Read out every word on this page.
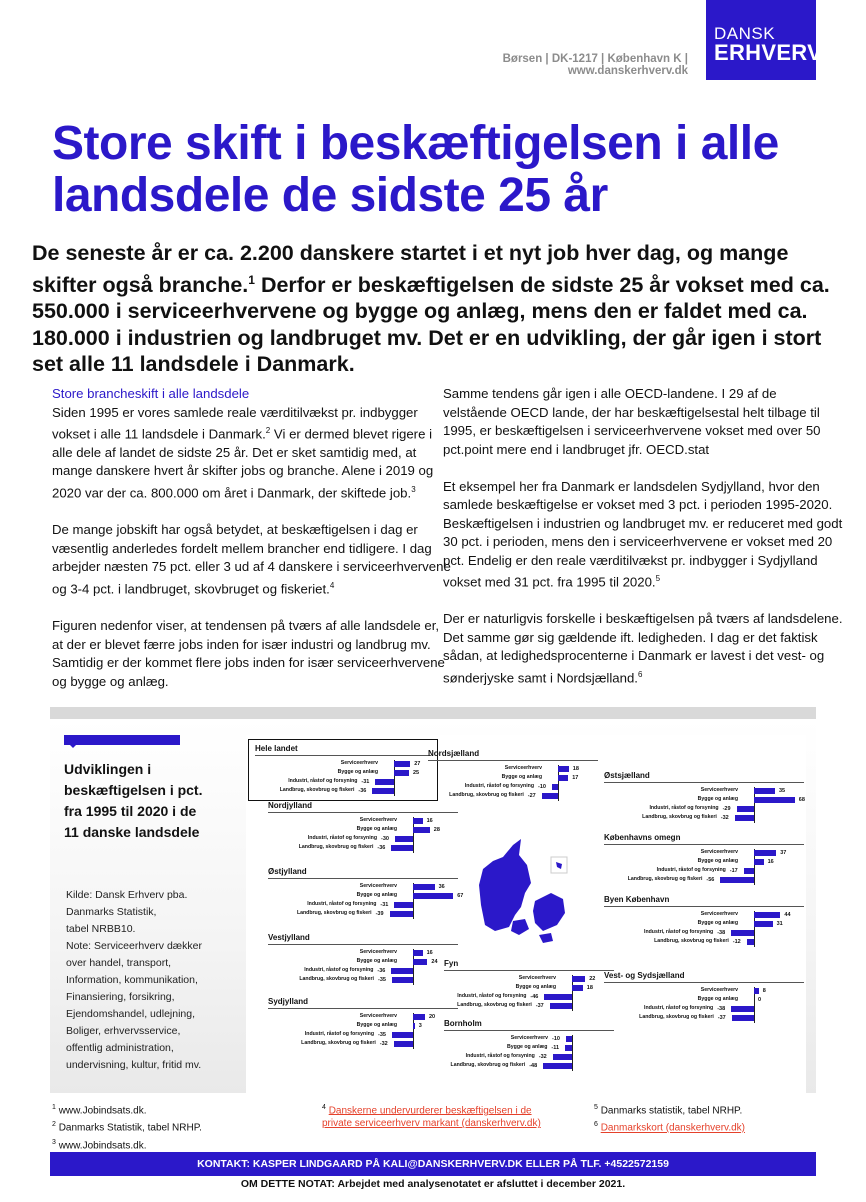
Børsen | DK-1217 | København K | www.danskerhverv.dk
DANSK
ERHVERV
Store skift i beskæftigelsen i alle landsdele de sidste 25 år
De seneste år er ca. 2.200 danskere startet i et nyt job hver dag, og mange skifter også branche.$^1$ Derfor er beskæftigelsen de sidste 25 år vokset med ca. 550.000 i serviceerhvervene og bygge og anlæg, mens den er faldet med ca. 180.000 i industrien og landbruget mv. Det er en udvikling, der går igen i stort set alle 11 landsdele i Danmark.

Store brancheskift i alle landsdele
Siden 1995 er vores samlede reale værditilvækst pr. indbygger vokset i alle 11 landsdele i Danmark.$^2$ Vi er dermed blevet rigere i alle dele af landet de sidste 25 år. Det er sket samtidig med, at mange danskere hvert år skifter jobs og branche. Alene i 2019 og 2020 var der ca. 800.000 om året i Danmark, der skiftede job.$^3$

De mange jobskift har også betydet, at beskæftigelsen i dag er væsentlig anderledes fordelt mellem brancher end tidligere. I dag arbejder næsten 75 pct. eller 3 ud af 4 danskere i serviceerhvervene og 3-4 pct. i landbruget, skovbruget og fiskeriet.$^4$

Figuren nedenfor viser, at tendensen på tværs af alle landsdele er, at der er blevet færre jobs inden for især industri og landbrug mv. Samtidig er der kommet flere jobs inden for især serviceerhvervene og bygge og anlæg.

Samme tendens går igen i alle OECD-landene. I 29 af de velstående OECD lande, der har beskæftigelsestal helt tilbage til 1995, er beskæftigelsen i serviceerhvervene vokset med over 50 pct.point mere end i landbruget jfr. OECD.stat

Et eksempel her fra Danmark er landsdelen Sydjylland, hvor den samlede beskæftigelse er vokset med 3 pct. i perioden 1995-2020. Beskæftigelsen i industrien og landbruget mv. er reduceret med godt 30 pct. i perioden, mens den i serviceerhvervene er vokset med 20 pct. Endelig er den reale værditilvækst pr. indbygger i Sydjylland vokset med 31 pct. fra 1995 til 2020.$^5$

Der er naturligvis forskelle i beskæftigelsen på tværs af landsdelene. Det samme gør sig gældende ift. ledigheden. I dag er det faktisk sådan, at ledighedsprocenterne i Danmark er lavest i det vest- og sønderjyske samt i Nordsjælland.$^6$

Udviklingen i beskæftigelsen i pct. fra 1995 til 2020 i de 11 danske landsdele
Kilde: Dansk Erhverv pba.
Danmarks Statistik,
tabel NRBB10.
Note: Serviceerhverv dækker
over handel, transport,
Information, kommunikation,
Finansiering, forsikring,
Ejendomshandel, udlejning,
Boliger, erhvervsservice,
offentlig administration,
undervisning, kultur, fritid mv.
Hele landet
Serviceerhverv	27
Bygge og anlæg	25
Industri, råstof og forsyning -31
Landbrug, skovbrug og fiskeri -36
Nordjylland
Serviceerhverv	16
Bygge og anlæg	28
Industri, råstof og forsyning -30
Landbrug, skovbrug og fiskeri -36
Østjylland
Serviceerhverv	36
Bygge og anlæg	67
Industri, råstof og forsyning -31
Landbrug, skovbrug og fiskeri -39
Vestjylland
Serviceerhverv	16
Bygge og anlæg	24
Industri, råstof og forsyning -36
Landbrug, skovbrug og fiskeri -35
Sydjylland
Serviceerhverv	20
Bygge og anlæg	3
Industri, råstof og forsyning -35
Landbrug, skovbrug og fiskeri -32
Nordsjælland
Serviceerhverv	18
Bygge og anlæg	17
Industri, råstof og forsyning -10
Landbrug, skovbrug og fiskeri -27
Østsjælland
Serviceerhverv	35
Bygge og anlæg	68
Industri, råstof og forsyning -29
Landbrug, skovbrug og fiskeri -32
Københavns omegn
Serviceerhverv	37
Bygge og anlæg	16
Industri, råstof og forsyning -17
Landbrug, skovbrug og fiskeri -56
Byen København
Serviceerhverv	44
Bygge og anlæg	31
Industri, råstof og forsyning -38
Landbrug, skovbrug og fiskeri -12
Vest- og Sydsjælland
Serviceerhverv	8
Bygge og anlæg	0
Industri, råstof og forsyning -38
Landbrug, skovbrug og fiskeri -37
Fyn
Serviceerhverv	22
Bygge og anlæg	18
Industri, råstof og forsyning -46
Landbrug, skovbrug og fiskeri -37
Bornholm
Serviceerhverv -10
Bygge og anlæg -11
Industri, råstof og forsyning -32
Landbrug, skovbrug og fiskeri -48
$^1$ www.Jobindsats.dk.
$^2$ Danmarks Statistik, tabel NRHP.
$^3$ www.Jobindsats.dk.
$^4$ Danskerne undervurderer beskæftigelsen i de private serviceerhverv markant (danskerhverv.dk)
$^5$ Danmarks statistik, tabel NRHP.
$^6$ Danmarkskort (danskerhverv.dk)
KONTAKT: KASPER LINDGAARD PÅ KALI@DANSKERHVERV.DK ELLER PÅ TLF. +4522572159
OM DETTE NOTAT: Arbejdet med analysenotatet er afsluttet i december 2021.
